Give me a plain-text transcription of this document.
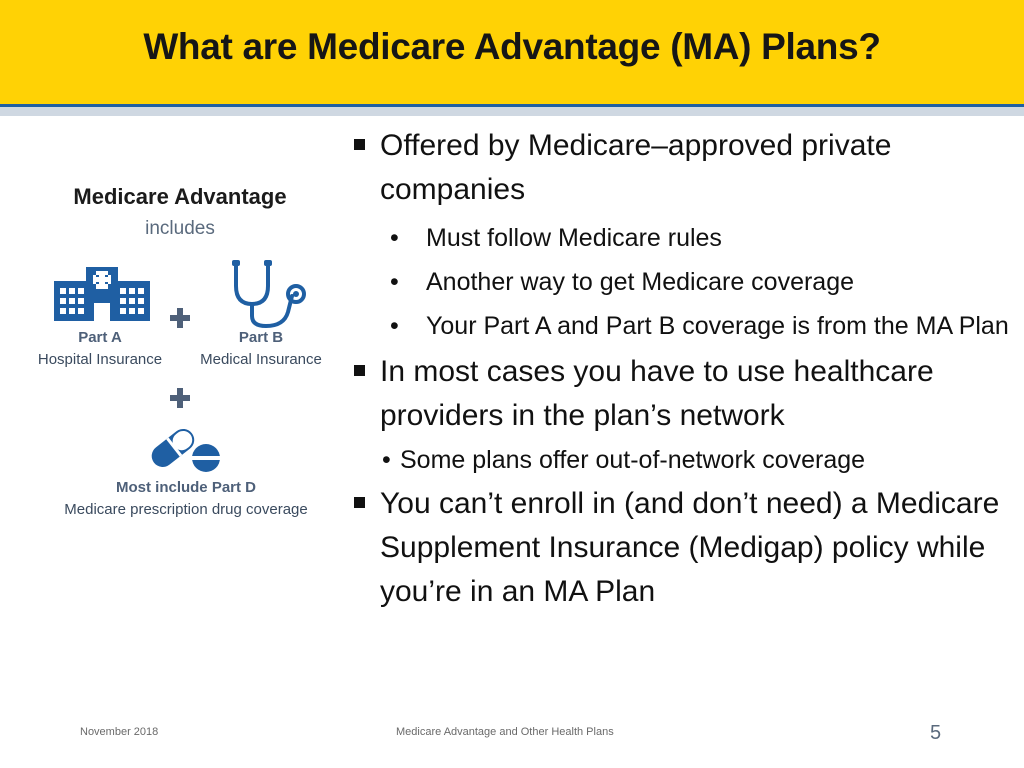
What are Medicare Advantage (MA) Plans?
Medicare Advantage
includes
Part A
Hospital Insurance
Part B
Medical Insurance
Most include Part D
Medicare prescription drug coverage
Offered by Medicare–approved private companies
• Must follow Medicare rules
• Another way to get Medicare coverage
• Your Part A and Part B coverage is from the MA Plan
In most cases you have to use healthcare providers in the plan’s network
• Some plans offer out-of-network coverage
You can’t enroll in (and don’t need) a Medicare Supplement Insurance (Medigap) policy while you’re in an MA Plan
November 2018	Medicare Advantage and Other Health Plans	5
